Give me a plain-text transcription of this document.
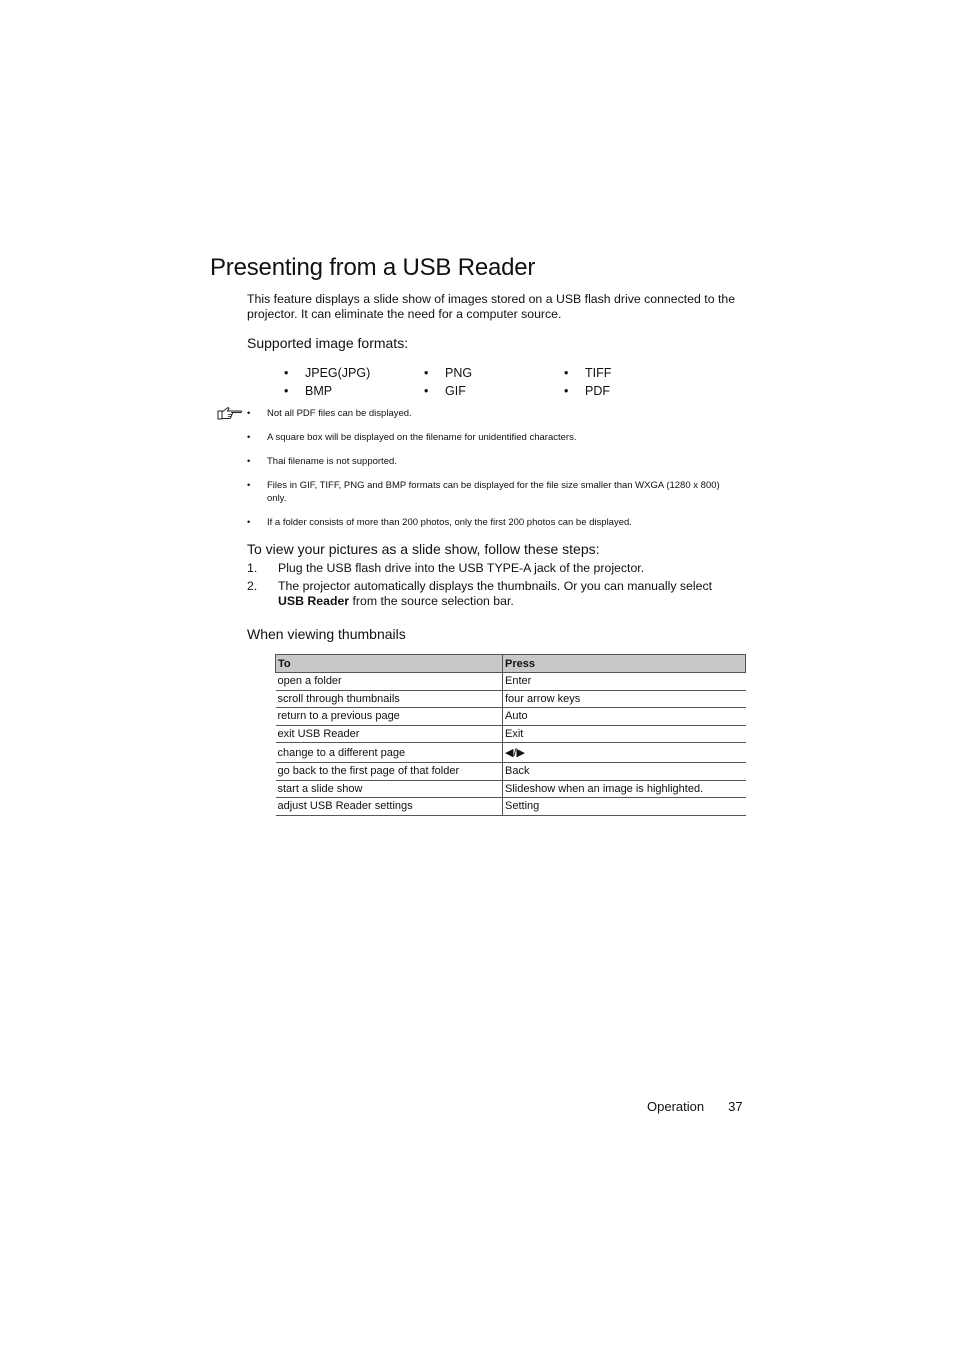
Presenting from a USB Reader
This feature displays a slide show of images stored on a USB flash drive connected to the projector. It can eliminate the need for a computer source.
Supported image formats:
•	JPEG(JPG)	•	PNG	•	TIFF
•	BMP	•	GIF	•	PDF
•	Not all PDF files can be displayed.
•	A square box will be displayed on the filename for unidentified characters.
•	Thai filename is not supported.
•	Files in GIF, TIFF, PNG and BMP formats can be displayed for the file size smaller than WXGA (1280 x 800) only.
•	If a folder consists of more than 200 photos, only the first 200 photos can be displayed.
To view your pictures as a slide show, follow these steps:
1.	Plug the USB flash drive into the USB TYPE-A jack of the projector.
2.	The projector automatically displays the thumbnails. Or you can manually select USB Reader from the source selection bar.
When viewing thumbnails
To	Press
open a folder	Enter
scroll through thumbnails	four arrow keys
return to a previous page	Auto
exit USB Reader	Exit
change to a different page	◀/▶
go back to the first page of that folder	Back
start a slide show	Slideshow when an image is highlighted.
adjust USB Reader settings	Setting
Operation 37
